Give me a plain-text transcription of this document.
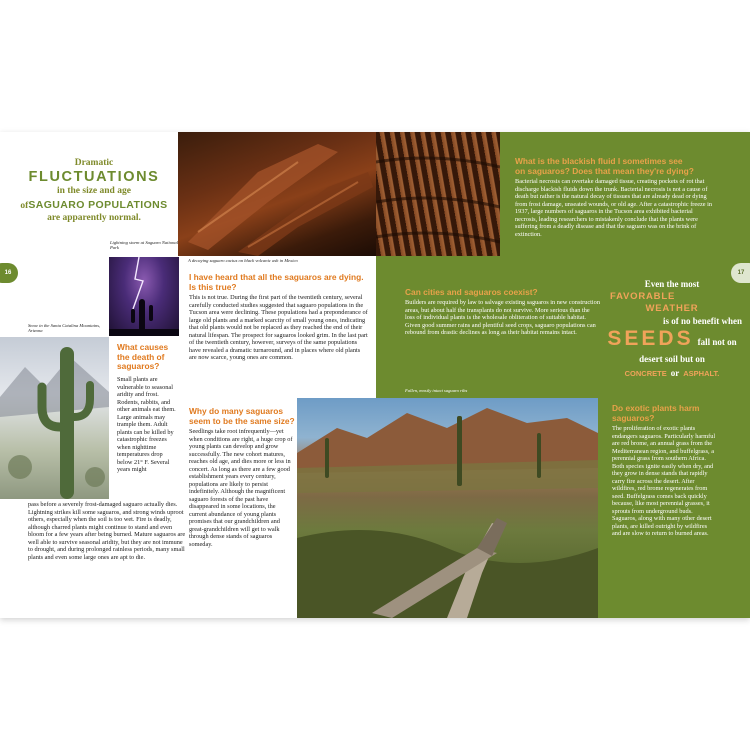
Dramatic
FLUCTUATIONS
in the size and age
ofSAGUARO POPULATIONS
are apparently normal.
16
A decaying saguaro cactus on black volcanic ash in Mexico
Lightning storm at Saguaro National Park
Snow in the Santa Catalina Mountains, Arizona
What causes the death of saguaros?
Small plants are vulnerable to seasonal aridity and frost. Rodents, rabbits, and other animals eat them. Large animals may trample them. Adult plants can be killed by catastrophic freezes when nighttime temperatures drop below 21° F. Several years might
pass before a severely frost-damaged saguaro actually dies. Lightning strikes kill some saguaros, and strong winds uproot others, especially when the soil is too wet. Fire is deadly, although charred plants might continue to stand and even bloom for a few years after being burned. Mature saguaros are well able to survive seasonal aridity, but they are not immune to drought, and during prolonged rainless periods, many small plants and even some large ones are apt to die.
I have heard that all the saguaros are dying. Is this true?
This is not true. During the first part of the twentieth century, several carefully conducted studies suggested that saguaro populations in the Tucson area were declining. These populations had a preponderance of large old plants and a marked scarcity of small young ones, indicating that old plants would not be replaced as they reached the end of their natural lifespan. The prospect for saguaros looked grim. In the last part of the twentieth century, however, surveys of the same populations have revealed a dramatic turnaround, and in places where old plants are now scarce, young ones are common.
Why do many saguaros seem to be the same size?
Seedlings take root infrequently—yet when conditions are right, a huge crop of young plants can develop and grow successfully. The new cohort matures, reaches old age, and dies more or less in concert. As long as there are a few good establishment years every century, populations are likely to persist indefinitely. Although the magnificent saguaro forests of the past have disappeared in some locations, the current abundance of young plants promises that our grandchildren and great-grandchildren will get to walk through dense stands of saguaros someday.
What is the blackish fluid I sometimes see on saguaros? Does that mean they're dying?
Bacterial necrosis can overtake damaged tissue, creating pockets of rot that discharge blackish fluids down the trunk. Bacterial necrosis is not a cause of death but rather is the natural decay of tissues that are already dead or dying from frost damage, unseated wounds, or old age. After a catastrophic freeze in 1937, large numbers of saguaros in the Tucson area exhibited bacterial necrosis, leading researchers to mistakenly conclude that the plants were suffering from a deadly disease and that the saguaro was on the brink of extinction.
17
Can cities and saguaros coexist?
Builders are required by law to salvage existing saguaros in new construction areas, but about half the transplants do not survive. More serious than the loss of individual plants is the wholesale obliteration of suitable habitat. Given good summer rains and plentiful seed crops, saguaro populations can rebound from drastic declines as long as their habitat remains intact.
Even the most
FAVORABLE
WEATHER
is of no benefit when
SEEDS fall not on
desert soil but on
CONCRETE or ASPHALT.
Fallen, mostly intact saguaro ribs
Do exotic plants harm saguaros?
The proliferation of exotic plants endangers saguaros. Particularly harmful are red brome, an annual grass from the Mediterranean region, and buffelgrass, a perennial grass from southern Africa. Both species ignite easily when dry, and they grow in dense stands that rapidly carry fire across the desert. After wildfires, red brome regenerates from seed. Buffelgrass comes back quickly because, like most perennial grasses, it sprouts from underground buds. Saguaros, along with many other desert plants, are killed outright by wildfires and are slow to return to burned areas.
